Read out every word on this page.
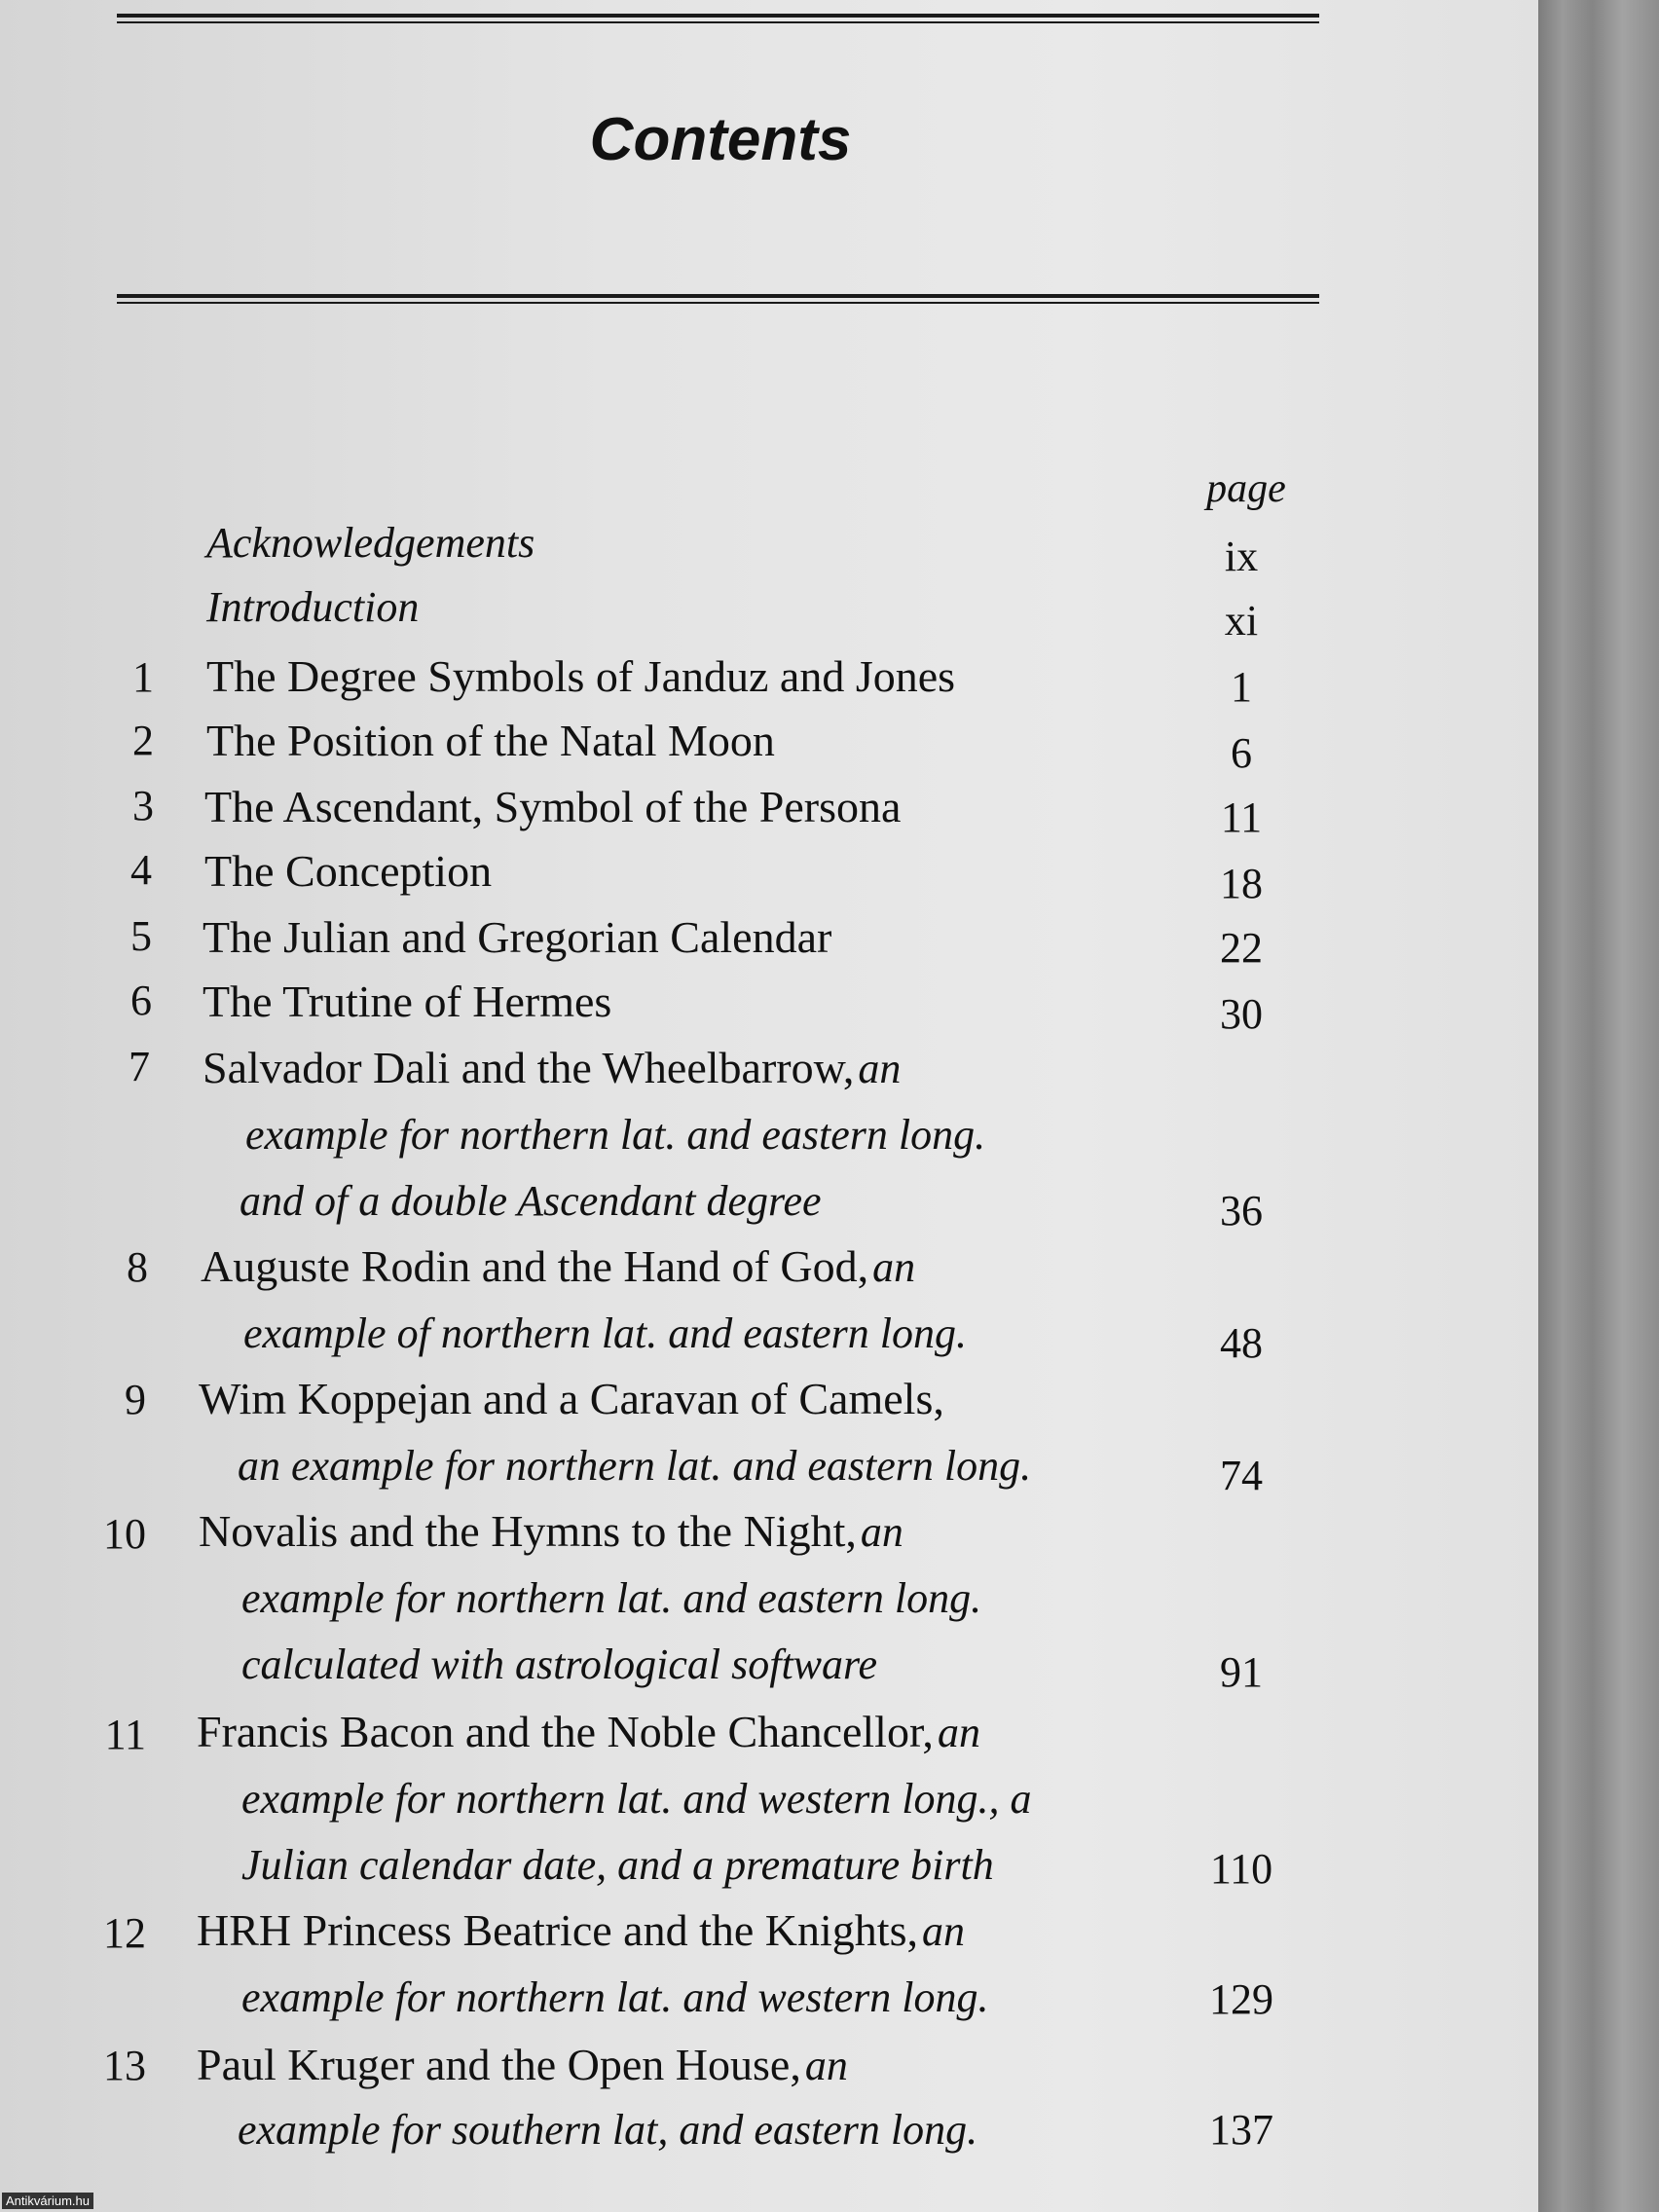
Contents
page
Acknowledgements	ix
Introduction	xi
1 The Degree Symbols of Janduz and Jones	1
2 The Position of the Natal Moon	6
3 The Ascendant, Symbol of the Persona	11
4 The Conception	18
5 The Julian and Gregorian Calendar	22
6 The Trutine of Hermes	30
7 Salvador Dali and the Wheelbarrow, an
example for northern lat. and eastern long.
and of a double Ascendant degree	36
8 Auguste Rodin and the Hand of God, an
example of northern lat. and eastern long.	48
9 Wim Koppejan and a Caravan of Camels,
an example for northern lat. and eastern long.	74
10 Novalis and the Hymns to the Night, an
example for northern lat. and eastern long.
calculated with astrological software	91
11 Francis Bacon and the Noble Chancellor, an
example for northern lat. and western long., a
Julian calendar date, and a premature birth	110
12 HRH Princess Beatrice and the Knights, an
example for northern lat. and western long.	129
13 Paul Kruger and the Open House, an
example for southern lat, and eastern long.	137
Antikvárium.hu
